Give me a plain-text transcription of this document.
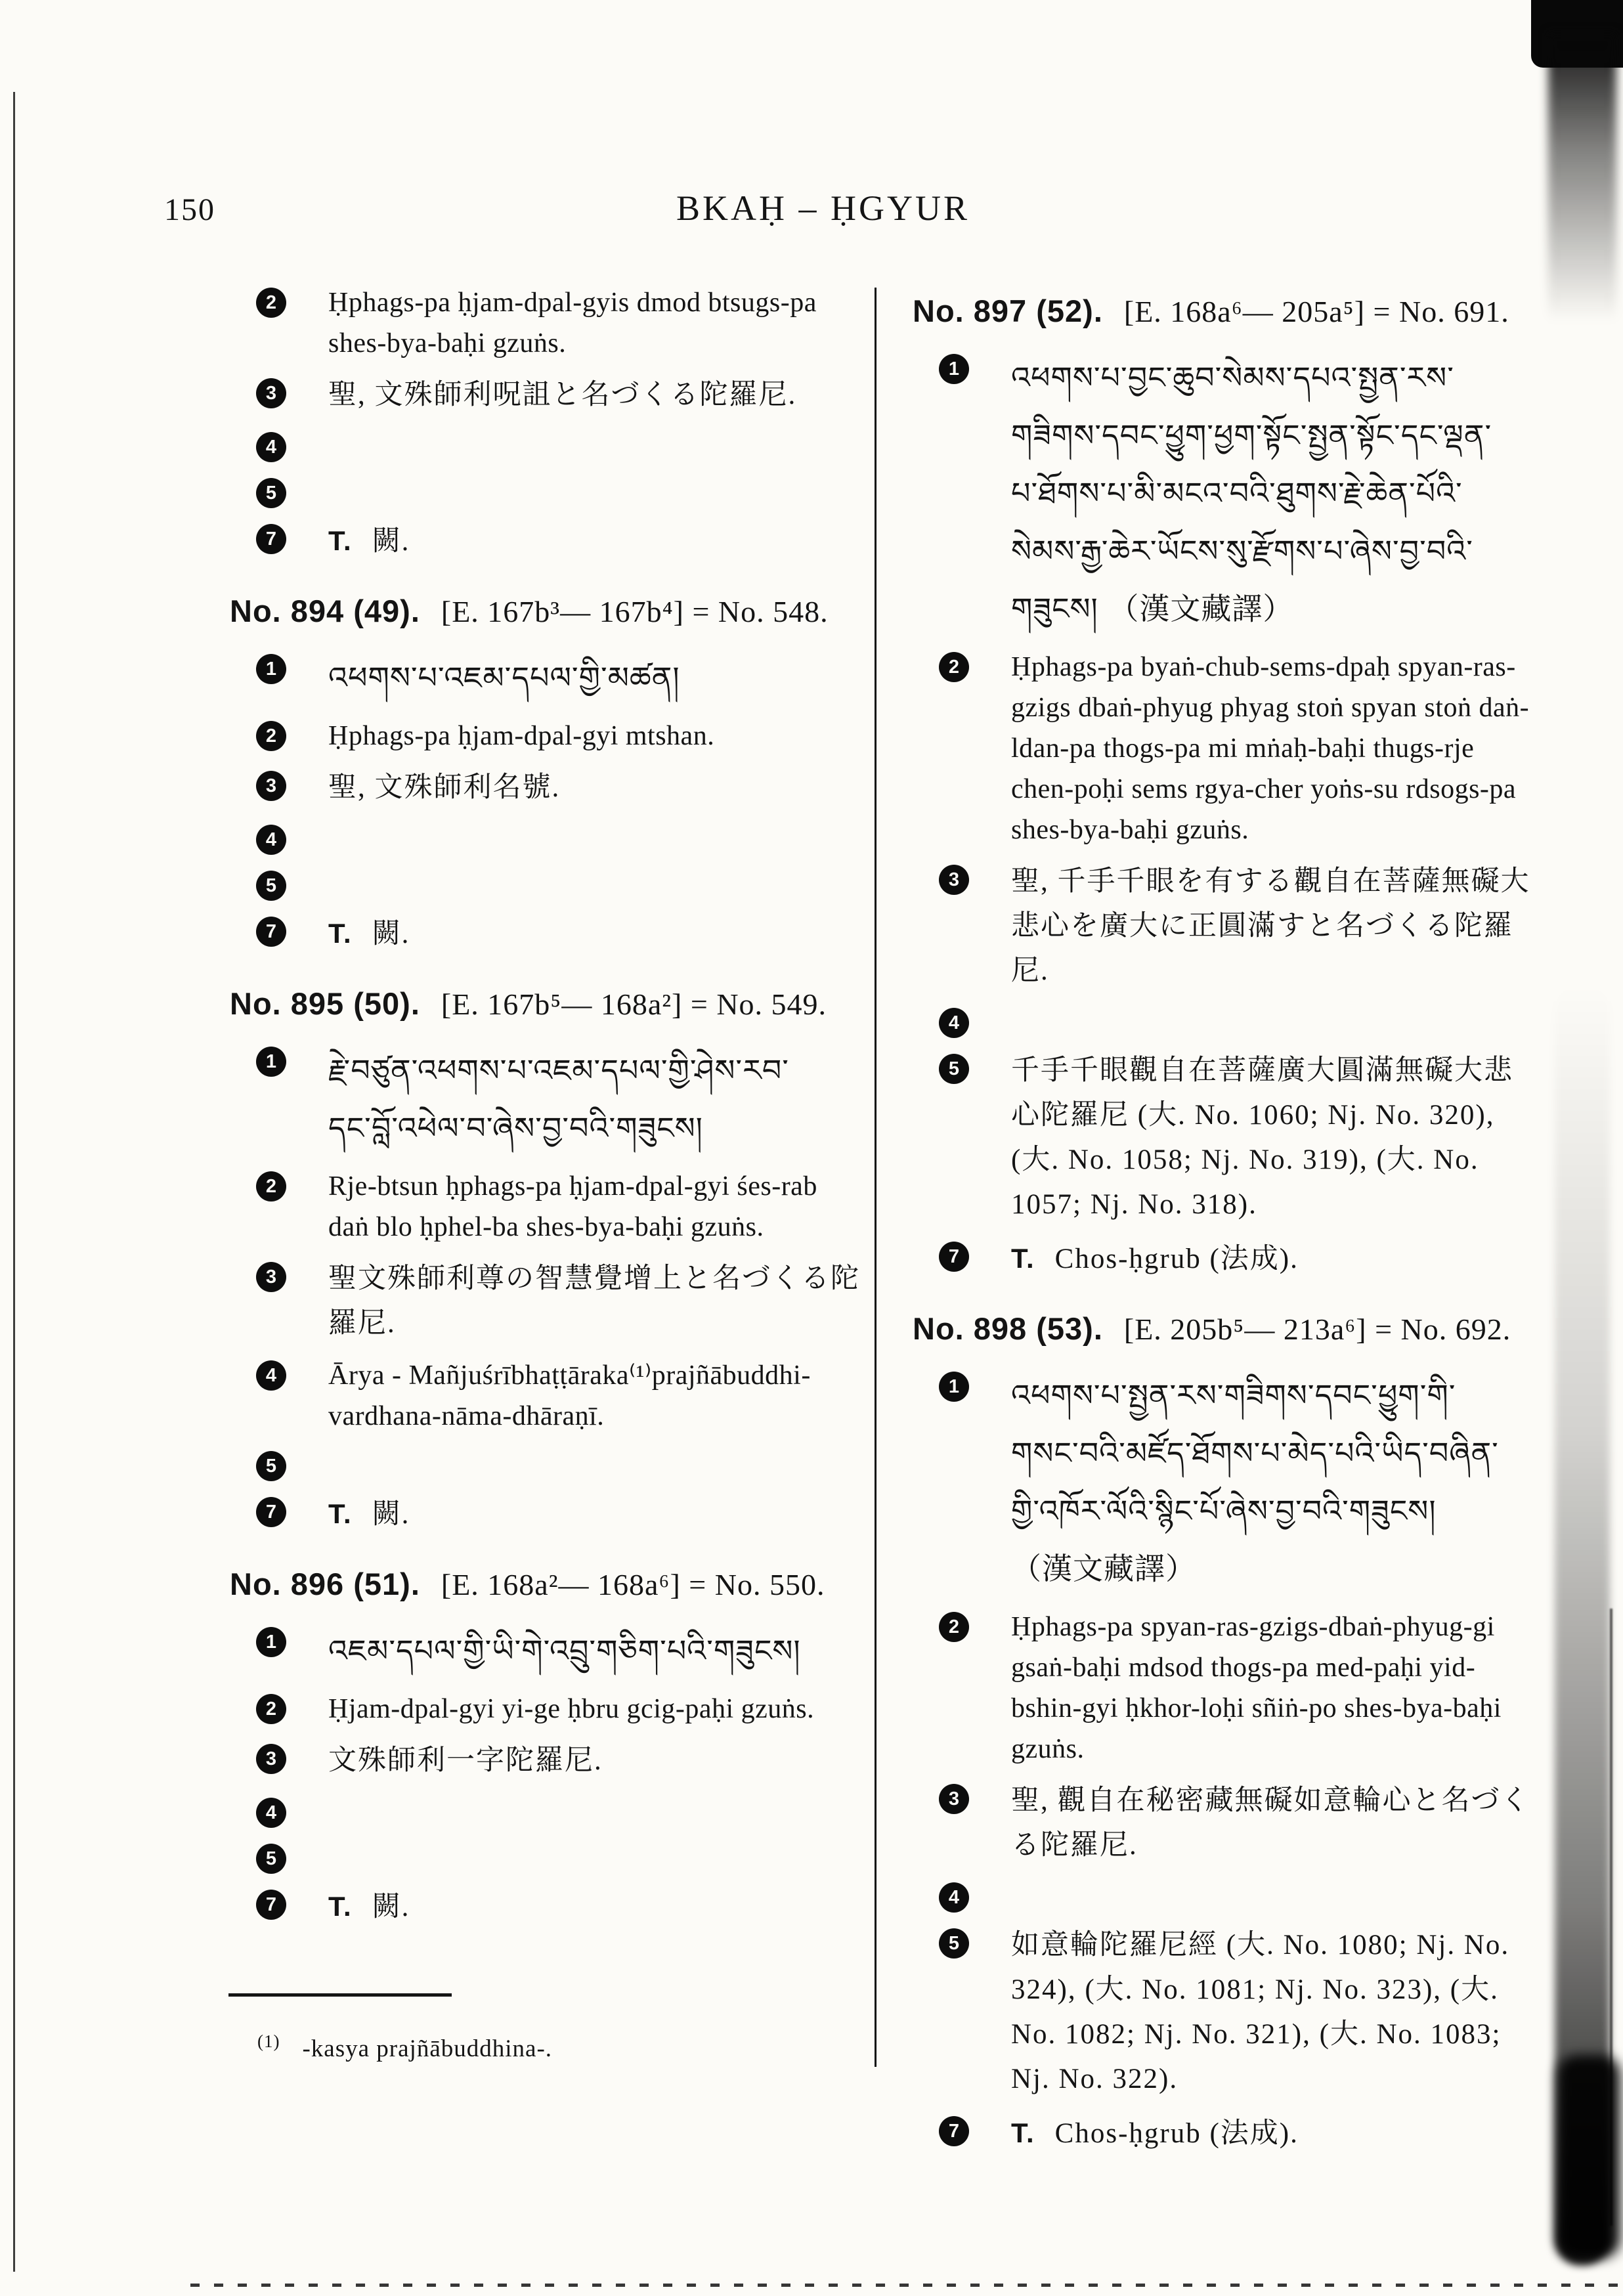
150	BKAḤ – ḤGYUR
2	Ḥphags-pa ḥjam-dpal-gyis dmod btsugs-pa shes-bya-baḥi gzuṅs.
3	聖, 文殊師利呪詛と名づくる陀羅尼.
4
5
7	T. 闕.
No. 894 (49). [E. 167b³— 167b⁴] = No. 548.
1	འཕགས་པ་འཇམ་དཔལ་གྱི་མཚན།
2	Ḥphags-pa ḥjam-dpal-gyi mtshan.
3	聖, 文殊師利名號.
4
5
7	T. 闕.
No. 895 (50). [E. 167b⁵— 168a²] = No. 549.
1	རྗེ་བཙུན་འཕགས་པ་འཇམ་དཔལ་གྱི་ཤེས་རབ་
དང་བློ་འཕེལ་བ་ཞེས་བྱ་བའི་གཟུངས།
2	Rje-btsun ḥphags-pa ḥjam-dpal-gyi śes-rab daṅ blo ḥphel-ba shes-bya-baḥi gzuṅs.
3	聖文殊師利尊の智慧覺增上と名づくる陀羅尼.
4	Ārya - Mañjuśrībhaṭṭāraka⁽¹⁾prajñābuddhi-vardhana-nāma-dhāraṇī.
5
7	T. 闕.
No. 896 (51). [E. 168a²— 168a⁶] = No. 550.
1	འཇམ་དཔལ་གྱི་ཡི་གེ་འབྲུ་གཅིག་པའི་གཟུངས།
2	Ḥjam-dpal-gyi yi-ge ḥbru gcig-paḥi gzuṅs.
3	文殊師利一字陀羅尼.
4
5
7	T. 闕.
No. 897 (52). [E. 168a⁶— 205a⁵] = No. 691.
1	འཕགས་པ་བྱང་ཆུབ་སེམས་དཔའ་སྤྱན་རས་
གཟིགས་དབང་ཕྱུག་ཕྱག་སྟོང་སྤྱན་སྟོང་དང་ལྡན་
པ་ཐོགས་པ་མི་མངའ་བའི་ཐུགས་རྗེ་ཆེན་པོའི་
སེམས་རྒྱ་ཆེར་ཡོངས་སུ་རྫོགས་པ་ཞེས་བྱ་བའི་
གཟུངས། （漢文藏譯）
2	Ḥphags-pa byaṅ-chub-sems-dpaḥ spyan-ras-gzigs dbaṅ-phyug phyag stoṅ spyan stoṅ daṅ-ldan-pa thogs-pa mi mṅaḥ-baḥi thugs-rje chen-poḥi sems rgya-cher yoṅs-su rdsogs-pa shes-bya-baḥi gzuṅs.
3	聖, 千手千眼を有する觀自在菩薩無礙大悲心を廣大に正圓滿すと名づくる陀羅尼.
4
5	千手千眼觀自在菩薩廣大圓滿無礙大悲心陀羅尼 (大. No. 1060; Nj. No. 320), (大. No. 1058; Nj. No. 319), (大. No. 1057; Nj. No. 318).
7	T. Chos-ḥgrub (法成).
No. 898 (53). [E. 205b⁵— 213a⁶] = No. 692.
1	འཕགས་པ་སྤྱན་རས་གཟིགས་དབང་ཕྱུག་གི་
གསང་བའི་མཛོད་ཐོགས་པ་མེད་པའི་ཡིད་བཞིན་
གྱི་འཁོར་ལོའི་སྙིང་པོ་ཞེས་བྱ་བའི་གཟུངས།
（漢文藏譯）
2	Ḥphags-pa spyan-ras-gzigs-dbaṅ-phyug-gi gsaṅ-baḥi mdsod thogs-pa med-paḥi yid-bshin-gyi ḥkhor-loḥi sñiṅ-po shes-bya-baḥi gzuṅs.
3	聖, 觀自在秘密藏無礙如意輪心と名づくる陀羅尼.
4
5	如意輪陀羅尼經 (大. No. 1080; Nj. No. 324), (大. No. 1081; Nj. No. 323), (大. No. 1082; Nj. No. 321), (大. No. 1083; Nj. No. 322).
7	T. Chos-ḥgrub (法成).
$^{(1)}$ -kasya prajñābuddhina-.
